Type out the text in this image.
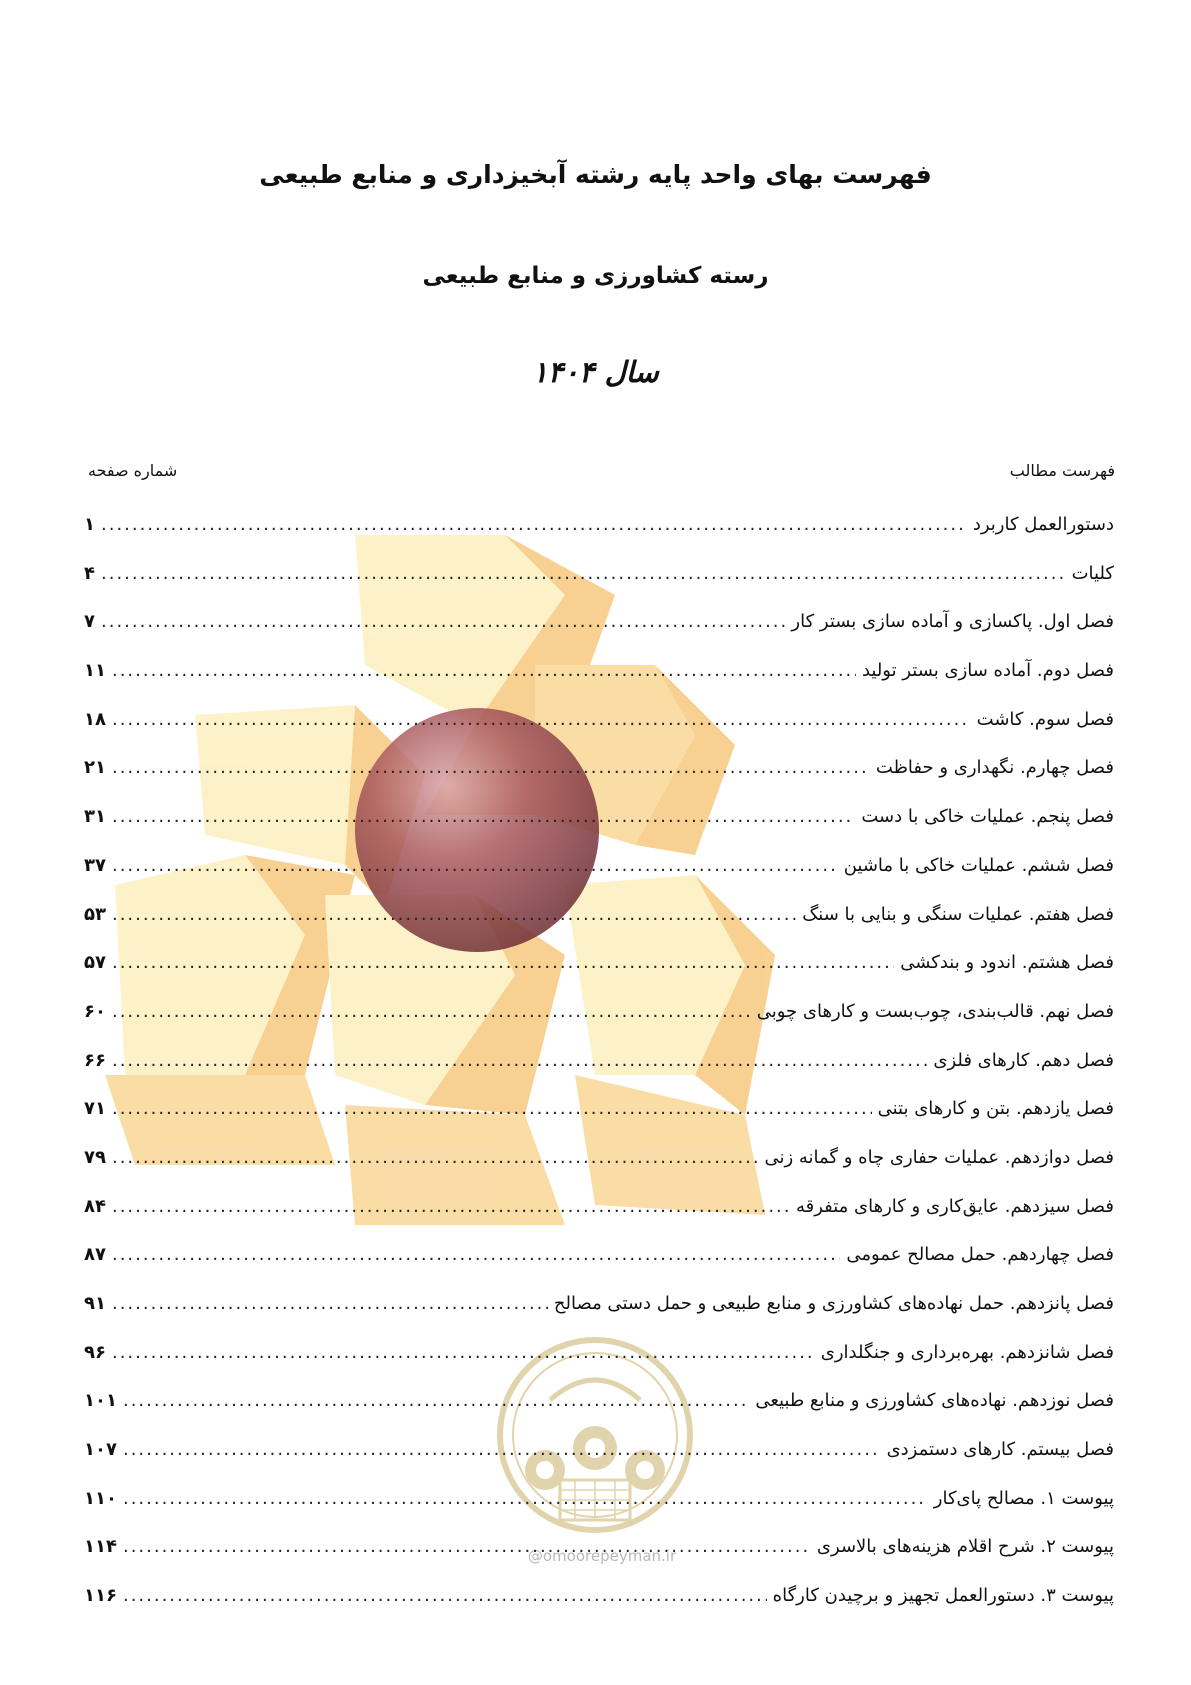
@omoorepeyman.ir
فهرست بهای واحد پایه رشته آبخیزداری و منابع طبیعی
رسته کشاورزی و منابع طبیعی
سال ۱۴۰۴
فهرست مطالب
شماره صفحه
دستورالعمل کاربرد
.....
۱
کلیات
.....
۴
فصل اول. پاکسازی و آماده سازی بستر کار
.....
۷
فصل دوم. آماده سازی بستر تولید
.....
۱۱
فصل سوم. کاشت
.....
۱۸
فصل چهارم. نگهداری و حفاظت
.....
۲۱
فصل پنجم. عملیات خاکی با دست
.....
۳۱
فصل ششم. عملیات خاکی با ماشین
.....
۳۷
فصل هفتم. عملیات سنگی و بنایی با سنگ
.....
۵۳
فصل هشتم. اندود و بندکشی
.....
۵۷
فصل نهم. قالب‌بندی، چوب‌بست و کارهای چوبی
.....
۶۰
فصل دهم. کارهای فلزی
.....
۶۶
فصل یازدهم. بتن و کارهای بتنی
.....
۷۱
فصل دوازدهم. عملیات حفاری چاه و گمانه زنی
.....
۷۹
فصل سیزدهم. عایق‌کاری و کارهای متفرقه
.....
۸۴
فصل چهاردهم. حمل مصالح عمومی
.....
۸۷
فصل پانزدهم. حمل نهاده‌های کشاورزی و منابع طبیعی و حمل دستی مصالح
.....
۹۱
فصل شانزدهم. بهره‌برداری و جنگلداری
.....
۹۶
فصل نوزدهم. نهاده‌های کشاورزی و منابع طبیعی
.....
۱۰۱
فصل بیستم. کارهای دستمزدی
.....
۱۰۷
پیوست ۱. مصالح پای‌کار
.....
۱۱۰
پیوست ۲. شرح اقلام هزینه‌های بالاسری
.....
۱۱۴
پیوست ۳. دستورالعمل تجهیز و برچیدن کارگاه
.....
۱۱۶
